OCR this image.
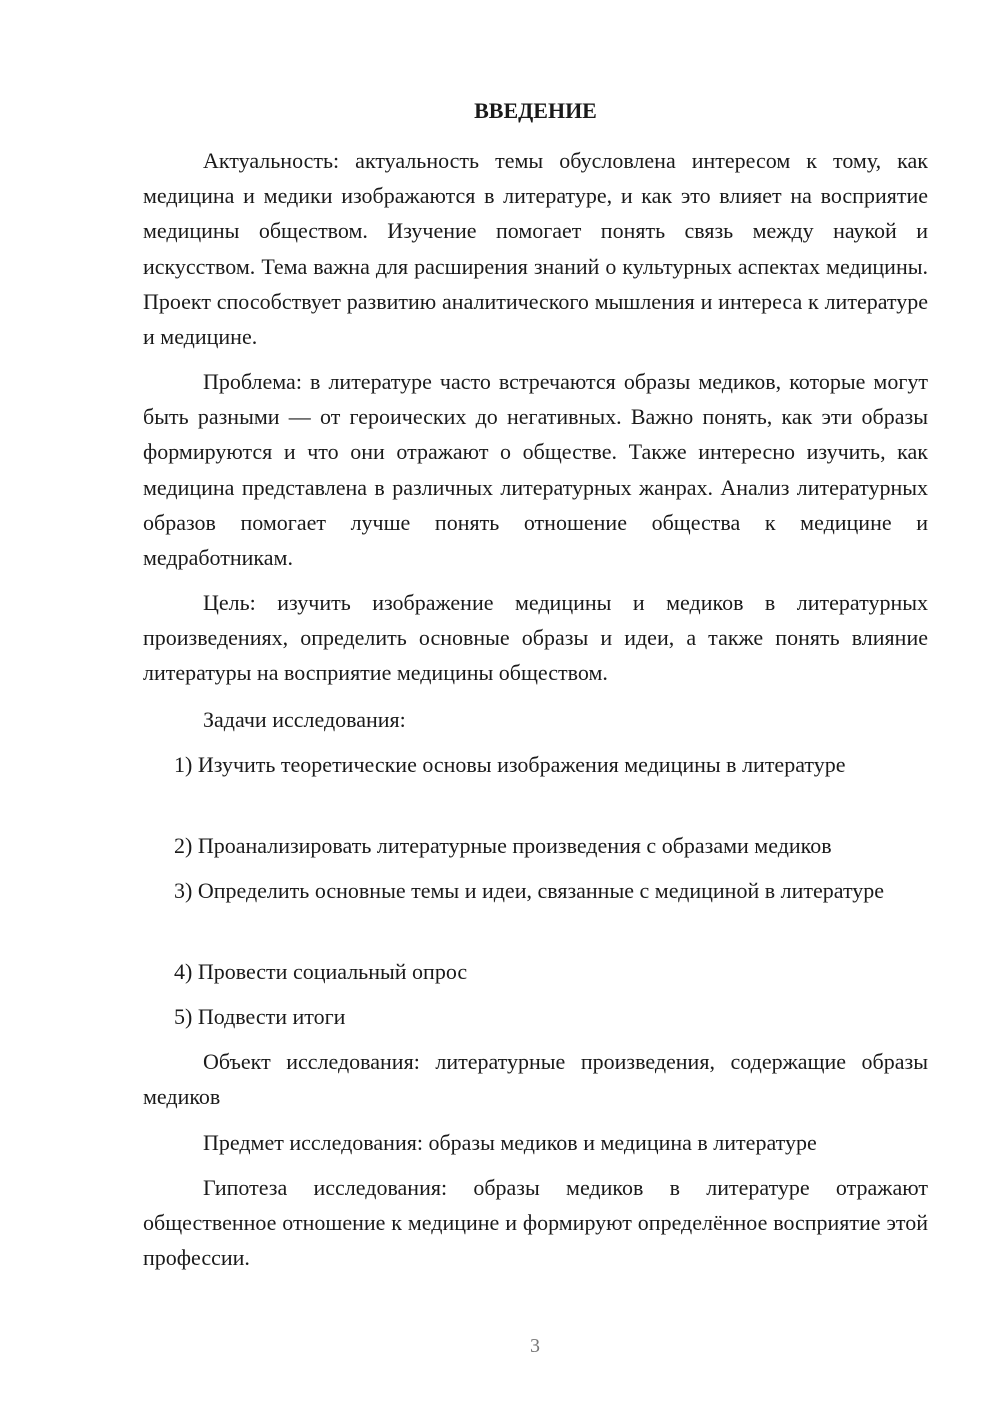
ВВЕДЕНИЕ

Актуальность: актуальность темы обусловлена интересом к тому, как медицина и медики изображаются в литературе, и как это влияет на восприятие медицины обществом. Изучение помогает понять связь между наукой и искусством. Тема важна для расширения знаний о культурных аспектах медицины. Проект способствует развитию аналитического мышления и интереса к литературе и медицине.

Проблема: в литературе часто встречаются образы медиков, которые могут быть разными — от героических до негативных. Важно понять, как эти образы формируются и что они отражают о обществе. Также интересно изучить, как медицина представлена в различных литературных жанрах. Анализ литературных образов помогает лучше понять отношение общества к медицине и медработникам.

Цель: изучить изображение медицины и медиков в литературных произведениях, определить основные образы и идеи, а также понять влияние литературы на восприятие медицины обществом.

Задачи исследования:

1) Изучить теоретические основы изображения медицины в литературе

2) Проанализировать литературные произведения с образами медиков

3) Определить основные темы и идеи, связанные с медициной в литературе

4) Провести социальный опрос

5) Подвести итоги

Объект исследования: литературные произведения, содержащие образы медиков

Предмет исследования: образы медиков и медицина в литературе

Гипотеза исследования: образы медиков в литературе отражают общественное отношение к медицине и формируют определённое восприятие этой профессии.

3
